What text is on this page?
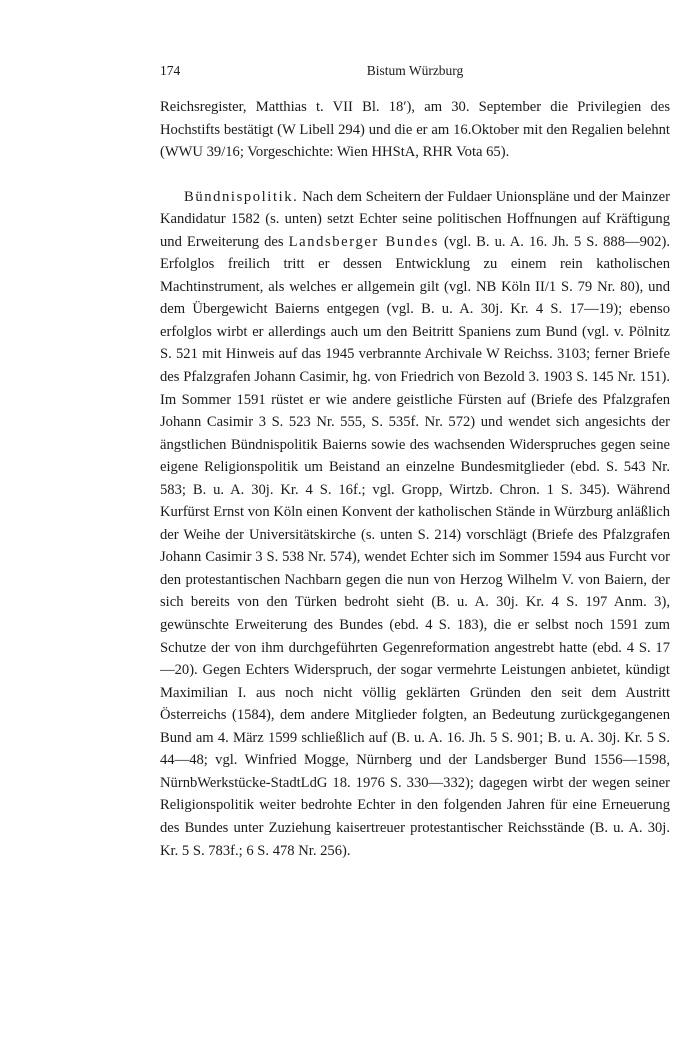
174	Bistum Würzburg

Reichsregister, Matthias t. VII Bl. 18′), am 30. September die Privilegien des Hochstifts bestätigt (W Libell 294) und die er am 16.Oktober mit den Regalien belehnt (WWU 39/16; Vorgeschichte: Wien HHStA, RHR Vota 65).

Bündnispolitik. Nach dem Scheitern der Fuldaer Unionspläne und der Mainzer Kandidatur 1582 (s. unten) setzt Echter seine politischen Hoffnungen auf Kräftigung und Erweiterung des Landsberger Bundes (vgl. B. u. A. 16. Jh. 5 S. 888—902). Erfolglos freilich tritt er dessen Entwicklung zu einem rein katholischen Machtinstrument, als welches er allgemein gilt (vgl. NB Köln II/1 S. 79 Nr. 80), und dem Übergewicht Baierns entgegen (vgl. B. u. A. 30j. Kr. 4 S. 17—19); ebenso erfolglos wirbt er allerdings auch um den Beitritt Spaniens zum Bund (vgl. v. Pölnitz S. 521 mit Hinweis auf das 1945 verbrannte Archivale W Reichss. 3103; ferner Briefe des Pfalzgrafen Johann Casimir, hg. von Friedrich von Bezold 3. 1903 S. 145 Nr. 151). Im Sommer 1591 rüstet er wie andere geistliche Fürsten auf (Briefe des Pfalzgrafen Johann Casimir 3 S. 523 Nr. 555, S. 535f. Nr. 572) und wendet sich angesichts der ängstlichen Bündnispolitik Baierns sowie des wachsenden Widerspruches gegen seine eigene Religionspolitik um Beistand an einzelne Bundesmitglieder (ebd. S. 543 Nr. 583; B. u. A. 30j. Kr. 4 S. 16f.; vgl. Gropp, Wirtzb. Chron. 1 S. 345). Während Kurfürst Ernst von Köln einen Konvent der katholischen Stände in Würzburg anläßlich der Weihe der Universitätskirche (s. unten S. 214) vorschlägt (Briefe des Pfalzgrafen Johann Casimir 3 S. 538 Nr. 574), wendet Echter sich im Sommer 1594 aus Furcht vor den protestantischen Nachbarn gegen die nun von Herzog Wilhelm V. von Baiern, der sich bereits von den Türken bedroht sieht (B. u. A. 30j. Kr. 4 S. 197 Anm. 3), gewünschte Erweiterung des Bundes (ebd. 4 S. 183), die er selbst noch 1591 zum Schutze der von ihm durchgeführten Gegenreformation angestrebt hatte (ebd. 4 S. 17—20). Gegen Echters Widerspruch, der sogar vermehrte Leistungen anbietet, kündigt Maximilian I. aus noch nicht völlig geklärten Gründen den seit dem Austritt Österreichs (1584), dem andere Mitglieder folgten, an Bedeutung zurückgegangenen Bund am 4. März 1599 schließlich auf (B. u. A. 16. Jh. 5 S. 901; B. u. A. 30j. Kr. 5 S. 44—48; vgl. Winfried Mogge, Nürnberg und der Landsberger Bund 1556—1598, NürnbWerkstücke-StadtLdG 18. 1976 S. 330—332); dagegen wirbt der wegen seiner Religionspolitik weiter bedrohte Echter in den folgenden Jahren für eine Erneuerung des Bundes unter Zuziehung kaisertreuer protestantischer Reichsstände (B. u. A. 30j. Kr. 5 S. 783f.; 6 S. 478 Nr. 256).
